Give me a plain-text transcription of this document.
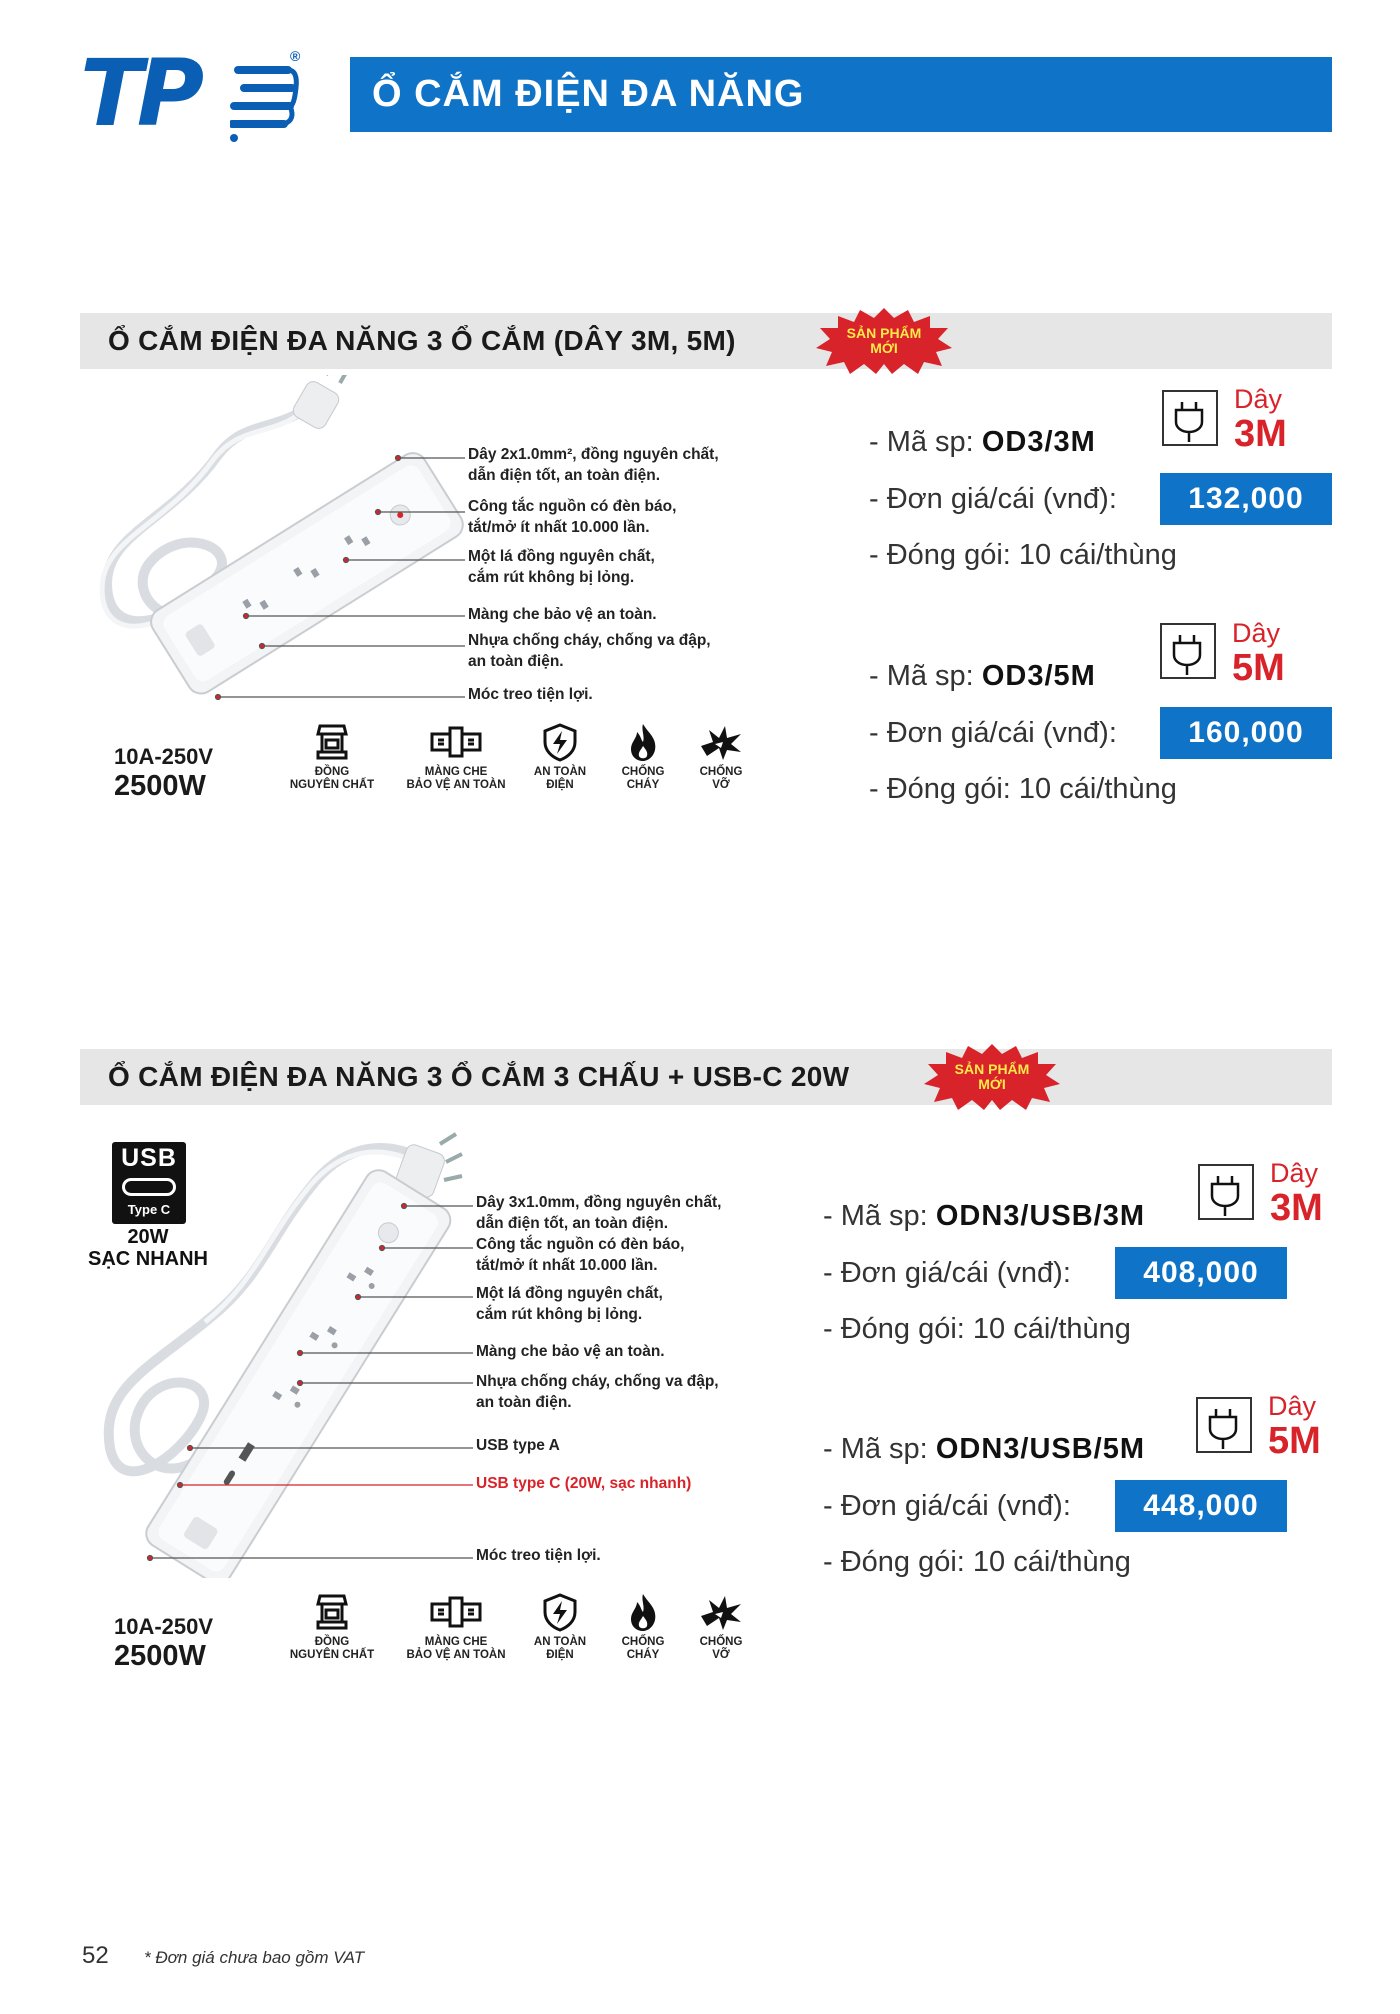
TP	®
Ổ CẮM ĐIỆN ĐA NĂNG
Ổ CẮM ĐIỆN ĐA NĂNG 3 Ổ CẮM (DÂY 3M, 5M)	SẢN PHẨM
MỚI
Dây 2x1.0mm², đồng nguyên chất,
dẫn điện tốt, an toàn điện.
Công tắc nguồn có đèn báo,
tắt/mở ít nhất 10.000 lần.
Một lá đồng nguyên chất,
cắm rút không bị lỏng.
Màng che bảo vệ an toàn.
Nhựa chống cháy, chống va đập,
an toàn điện.
Móc treo tiện lợi.
10A-250V
2500W	ĐỒNG
NGUYÊN CHẤT
MÀNG CHE
BẢO VỆ AN TOÀN
AN TOÀN
ĐIỆN
CHỐNG
CHÁY
CHỐNG
VỠ
- Mã sp: OD3/3M
Dây
3M
- Đơn giá/cái (vnđ):	132,000
- Đóng gói: 10 cái/thùng
- Mã sp: OD3/5M
Dây
5M
- Đơn giá/cái (vnđ):	160,000
- Đóng gói: 10 cái/thùng
Ổ CẮM ĐIỆN ĐA NĂNG 3 Ổ CẮM 3 CHẤU + USB-C 20W	SẢN PHẨM
MỚI
USB
Type C
20W
SẠC NHANH
Dây 3x1.0mm, đồng nguyên chất,
dẫn điện tốt, an toàn điện.
Công tắc nguồn có đèn báo,
tắt/mở ít nhất 10.000 lần.
Một lá đồng nguyên chất,
cắm rút không bị lỏng.
Màng che bảo vệ an toàn.
Nhựa chống cháy, chống va đập,
an toàn điện.
USB type A
USB type C (20W, sạc nhanh)
Móc treo tiện lợi.
10A-250V
2500W	ĐỒNG
NGUYÊN CHẤT
MÀNG CHE
BẢO VỆ AN TOÀN
AN TOÀN
ĐIỆN
CHỐNG
CHÁY
CHỐNG
VỠ
- Mã sp: ODN3/USB/3M
Dây
3M
- Đơn giá/cái (vnđ):	408,000
- Đóng gói: 10 cái/thùng
- Mã sp: ODN3/USB/5M
Dây
5M
- Đơn giá/cái (vnđ):	448,000
- Đóng gói: 10 cái/thùng
52 * Đơn giá chưa bao gồm VAT
